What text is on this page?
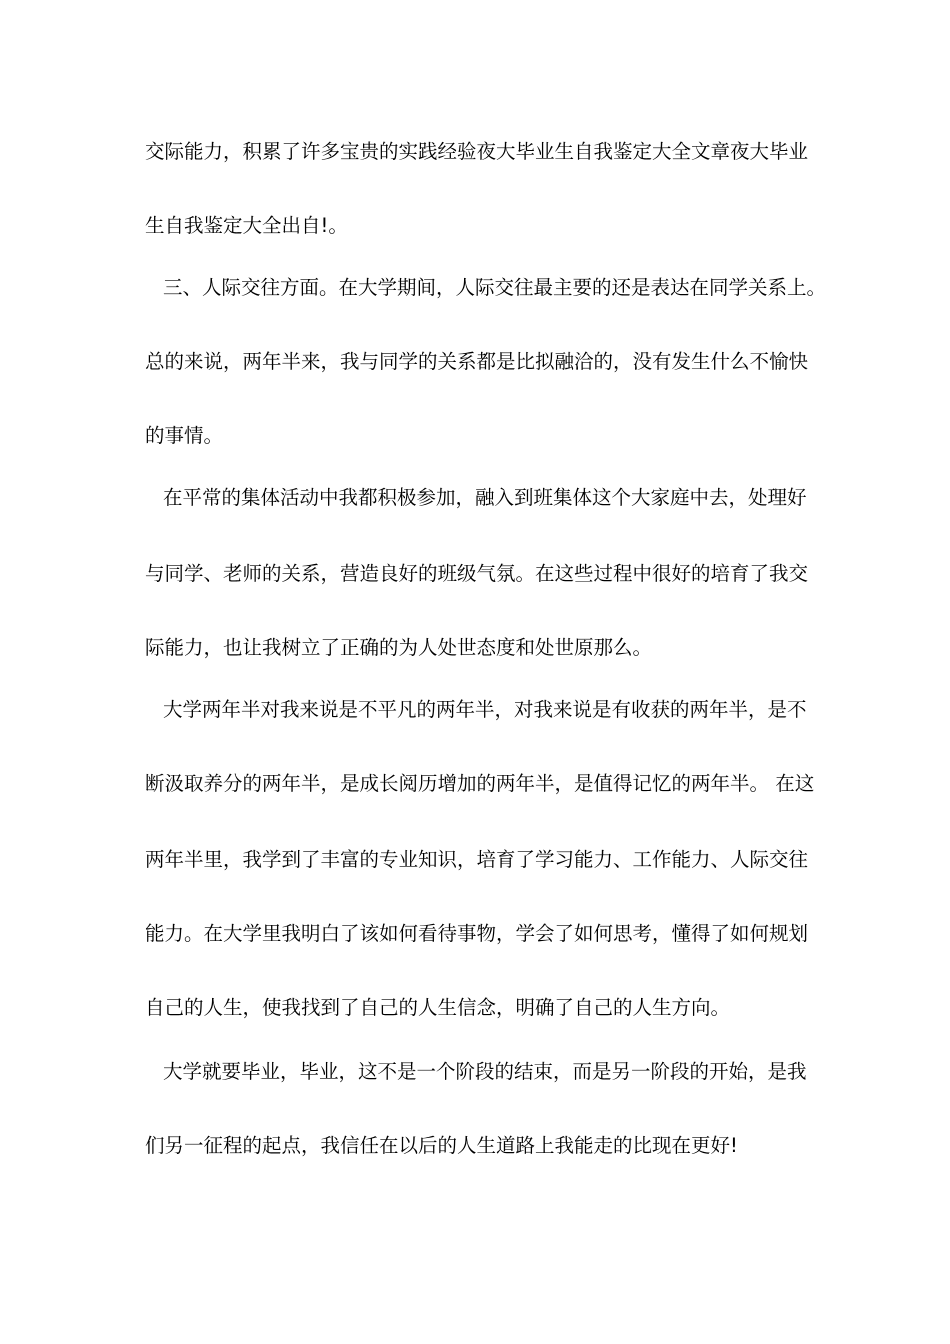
交际能力，积累了许多宝贵的实践经验夜大毕业生自我鉴定大全文章夜大毕业
生自我鉴定大全出自!。
三、人际交往方面。在大学期间，人际交往最主要的还是表达在同学关系上。
总的来说，两年半来，我与同学的关系都是比拟融洽的，没有发生什么不愉快
的事情。
在平常的集体活动中我都积极参加，融入到班集体这个大家庭中去，处理好
与同学、老师的关系，营造良好的班级气氛。在这些过程中很好的培育了我交
际能力，也让我树立了正确的为人处世态度和处世原那么。
大学两年半对我来说是不平凡的两年半，对我来说是有收获的两年半，是不
断汲取养分的两年半，是成长阅历增加的两年半，是值得记忆的两年半。 在这
两年半里，我学到了丰富的专业知识，培育了学习能力、工作能力、人际交往
能力。在大学里我明白了该如何看待事物，学会了如何思考，懂得了如何规划
自己的人生，使我找到了自己的人生信念，明确了自己的人生方向。
大学就要毕业，毕业，这不是一个阶段的结束，而是另一阶段的开始，是我
们另一征程的起点，我信任在以后的人生道路上我能走的比现在更好!
